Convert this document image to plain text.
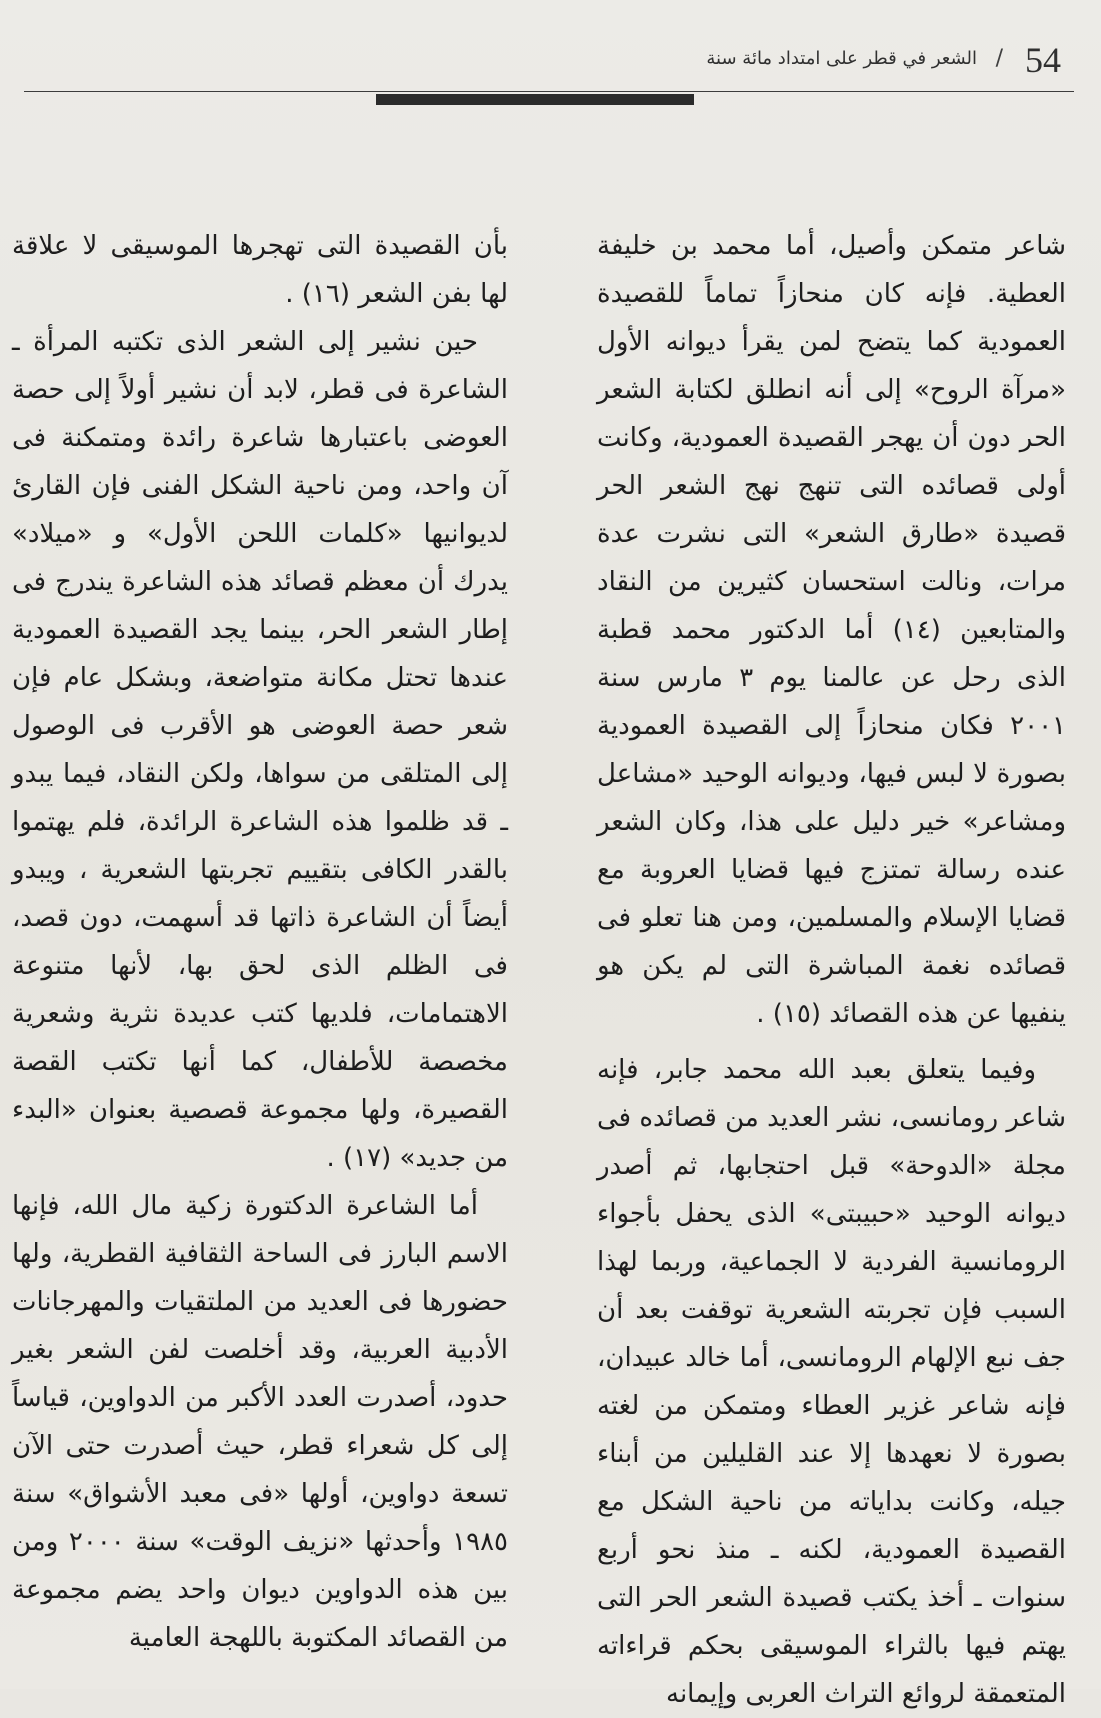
54
/
الشعر في قطر على امتداد مائة سنة

شاعر متمكن وأصيل، أما محمد بن خليفة العطية. فإنه كان منحازاً تماماً للقصيدة العمودية كما يتضح لمن يقرأ ديوانه الأول «مرآة الروح» إلى أنه انطلق لكتابة الشعر الحر دون أن يهجر القصيدة العمودية، وكانت أولى قصائده التى تنهج نهج الشعر الحر قصيدة «طارق الشعر» التى نشرت عدة مرات، ونالت استحسان كثيرين من النقاد والمتابعين (١٤) أما الدكتور محمد قطبة الذى رحل عن عالمنا يوم ٣ مارس سنة ٢٠٠١ فكان منحازاً إلى القصيدة العمودية بصورة لا لبس فيها، وديوانه الوحيد «مشاعل ومشاعر» خير دليل على هذا، وكان الشعر عنده رسالة تمتزج فيها قضايا العروبة مع قضايا الإسلام والمسلمين، ومن هنا تعلو فى قصائده نغمة المباشرة التى لم يكن هو ينفيها عن هذه القصائد (١٥) .

وفيما يتعلق بعبد الله محمد جابر، فإنه شاعر رومانسى، نشر العديد من قصائده فى مجلة «الدوحة» قبل احتجابها، ثم أصدر ديوانه الوحيد «حبيبتى» الذى يحفل بأجواء الرومانسية الفردية لا الجماعية، وربما لهذا السبب فإن تجربته الشعرية توقفت بعد أن جف نبع الإلهام الرومانسى، أما خالد عبيدان، فإنه شاعر غزير العطاء ومتمكن من لغته بصورة لا نعهدها إلا عند القليلين من أبناء جيله، وكانت بداياته من ناحية الشكل مع القصيدة العمودية، لكنه ـ منذ نحو أربع سنوات ـ أخذ يكتب قصيدة الشعر الحر التى يهتم فيها بالثراء الموسيقى بحكم قراءاته المتعمقة لروائع التراث العربى وإيمانه

بأن القصيدة التى تهجرها الموسيقى لا علاقة لها بفن الشعر (١٦) .

حين نشير إلى الشعر الذى تكتبه المرأة ـ الشاعرة فى قطر، لابد أن نشير أولاً إلى حصة العوضى باعتبارها شاعرة رائدة ومتمكنة فى آن واحد، ومن ناحية الشكل الفنى فإن القارئ لديوانيها «كلمات اللحن الأول» و «ميلاد» يدرك أن معظم قصائد هذه الشاعرة يندرج فى إطار الشعر الحر، بينما يجد القصيدة العمودية عندها تحتل مكانة متواضعة، وبشكل عام فإن شعر حصة العوضى هو الأقرب فى الوصول إلى المتلقى من سواها، ولكن النقاد، فيما يبدو ـ قد ظلموا هذه الشاعرة الرائدة، فلم يهتموا بالقدر الكافى بتقييم تجربتها الشعرية ، ويبدو أيضاً أن الشاعرة ذاتها قد أسهمت، دون قصد، فى الظلم الذى لحق بها، لأنها متنوعة الاهتمامات، فلديها كتب عديدة نثرية وشعرية مخصصة للأطفال، كما أنها تكتب القصة القصيرة، ولها مجموعة قصصية بعنوان «البدء من جديد» (١٧) .

أما الشاعرة الدكتورة زكية مال الله، فإنها الاسم البارز فى الساحة الثقافية القطرية، ولها حضورها فى العديد من الملتقيات والمهرجانات الأدبية العربية، وقد أخلصت لفن الشعر بغير حدود، أصدرت العدد الأكبر من الدواوين، قياساً إلى كل شعراء قطر، حيث أصدرت حتى الآن تسعة دواوين، أولها «فى معبد الأشواق» سنة ١٩٨٥ وأحدثها «نزيف الوقت» سنة ٢٠٠٠ ومن بين هذه الدواوين ديوان واحد يضم مجموعة من القصائد المكتوبة باللهجة العامية
